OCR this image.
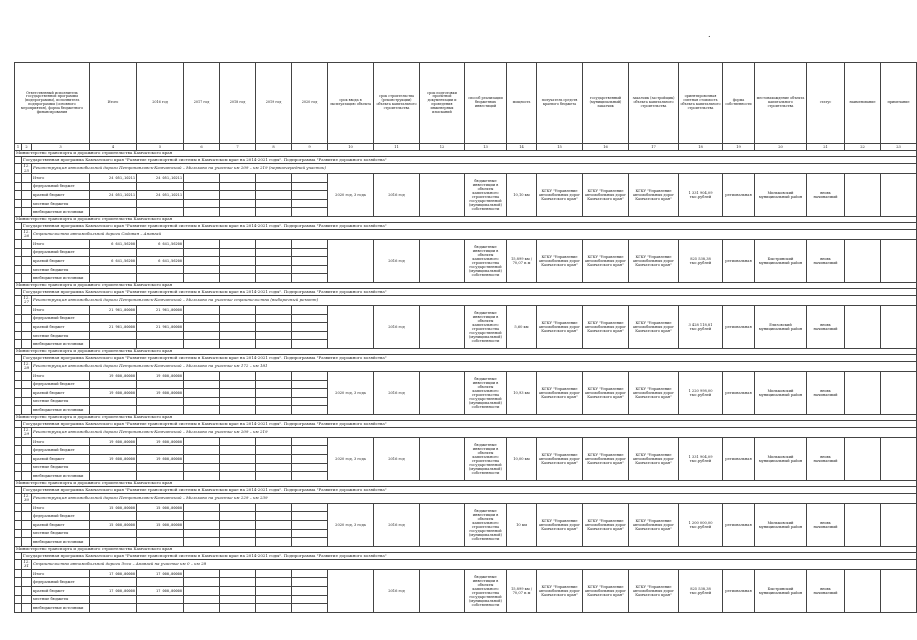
.
Ответственный исполнитель государственной программы (подпрограммы), исполнитель подпрограммы (основного мероприятия), форма бюджетного финансирования			Итого	2016 год	2017 год	2018 год	2019 год	2020 год	срок ввода в эксплуатацию объекта	срок строительства (реконструкции) объекта капитального строительства	срок подготовки проектной документации и проведения инженерных изысканий	способ реализации бюджетных инвестиций	мощность	получатель средств краевого бюджета	государственный (муниципальный) заказчик	заказчик (застройщик) объекта капитального строительства	ориентировочная сметная стоимость объекта капитального строительства	форма собственности	местонахождение объекта капитального строительства	статус	наименование	примечание
1	2	3	4	5	6	7	8	9	10	11	12	13	14	15	16	17	18	19	20	21	22	23
Министерство транспорта и дорожного строительства Камчатского края																						
	Государственная программа Камчатского края "Развитие транспортной системы в Камчатском крае на 2014-2021 годы". Подпрограмма "Развитие дорожного хозяйства"																					
	12.25	Реконструкция автомобильной дороги Петропавловск-Камчатский – Мильково на участке км 209 – км 219 (первоочередной участок)																				
		Итого	24 051,10211	24 051,10211					2020 год, 3 года	2016 год		бюджетные инвестиции в объекты капитального строительства государственной (муниципальной) собственности	10,10 км	КГКУ "Управление автомобильных дорог Камчатского края"	КГКУ "Управление автомобильных дорог Камчатского края"	КГКУ "Управление автомобильных дорог Камчатского края"	1 331 904,09 тыс.рублей	региональная	Мильковский муниципальный район	вновь начинаемый		
		федеральный бюджет																				
		краевой бюджет	24 051,10211	24 051,10211																		
		местные бюджеты																				
		внебюджетные источники																				
Министерство транспорта и дорожного строительства Камчатского края																						
	Государственная программа Камчатского края "Развитие транспортной системы в Камчатском крае на 2014-2021 годы". Подпрограмма "Развитие дорожного хозяйства"																					
	12.26	Строительство автомобильной дороги Садовая – Анавгай																				
		Итого	6 641,56200	6 641,56200						2016 год		бюджетные инвестиции в объекты капитального строительства государственной (муниципальной) собственности	15,899 км / 70,07 п.м	КГКУ "Управление автомобильных дорог Камчатского края"	КГКУ "Управление автомобильных дорог Камчатского края"	КГКУ "Управление автомобильных дорог Камчатского края"	825 538,38 тыс.рублей	региональная	Быстринский муниципальный район	вновь начинаемый		
		федеральный бюджет																				
		краевой бюджет	6 641,56200	6 641,56200																		
		местные бюджеты																				
		внебюджетные источники																				
Министерство транспорта и дорожного строительства Камчатского края																						
	Государственная программа Камчатского края "Развитие транспортной системы в Камчатском крае на 2014-2021 годы". Подпрограмма "Развитие дорожного хозяйства"																					
	12.27	Реконструкция автомобильной дороги Петропавловск-Камчатский – Мильково на участке строительства (выборочный ремонт)																				
		Итого	21 961,00000	21 961,00000						2016 год		бюджетные инвестиции в объекты капитального строительства государственной (муниципальной) собственности	5,60 км	КГКУ "Управление автомобильных дорог Камчатского края"	КГКУ "Управление автомобильных дорог Камчатского края"	КГКУ "Управление автомобильных дорог Камчатского края"	3 428 118,81 тыс.рублей	региональная	Елизовский муниципальный район	вновь начинаемый		
		федеральный бюджет																				
		краевой бюджет	21 961,00000	21 961,00000																		
		местные бюджеты																				
		внебюджетные источники																				
Министерство транспорта и дорожного строительства Камчатского края																						
	Государственная программа Камчатского края "Развитие транспортной системы в Камчатском крае на 2014-2021 годы". Подпрограмма "Развитие дорожного хозяйства"																					
	12.28	Реконструкция автомобильной дороги Петропавловск-Камчатский – Мильково на участке км 172 – км 181																				
		Итого	19 600,00000	19 600,00000					2020 год, 3 года	2016 год		бюджетные инвестиции в объекты капитального строительства государственной (муниципальной) собственности	10,93 км	КГКУ "Управление автомобильных дорог Камчатского края"	КГКУ "Управление автомобильных дорог Камчатского края"	КГКУ "Управление автомобильных дорог Камчатского края"	1 220 998,00 тыс.рублей	региональная	Мильковский муниципальный район	вновь начинаемый		
		федеральный бюджет																				
		краевой бюджет	19 600,00000	19 600,00000																		
		местные бюджеты																				
		внебюджетные источники																				
Министерство транспорта и дорожного строительства Камчатского края																						
	Государственная программа Камчатского края "Развитие транспортной системы в Камчатском крае на 2014-2021 годы". Подпрограмма "Развитие дорожного хозяйства"																					
	12.29	Реконструкция автомобильной дороги Петропавловск-Камчатский – Мильково на участке км 209 – км 219																				
		Итого	19 600,00000	19 600,00000					2020 год, 3 года	2016 год		бюджетные инвестиции в объекты капитального строительства государственной (муниципальной) собственности	10,00 км	КГКУ "Управление автомобильных дорог Камчатского края"	КГКУ "Управление автомобильных дорог Камчатского края"	КГКУ "Управление автомобильных дорог Камчатского края"	1 331 904,09 тыс.рублей	региональная	Мильковский муниципальный район	вновь начинаемый		
		федеральный бюджет																				
		краевой бюджет	19 600,00000	19 600,00000																		
		местные бюджеты																				
		внебюджетные источники																				
Министерство транспорта и дорожного строительства Камчатского края																						
	Государственная программа Камчатского края "Развитие транспортной системы в Камчатском крае на 2014-2021 годы". Подпрограмма "Развитие дорожного хозяйства"																					
	12.30	Реконструкция автомобильной дороги Петропавловск-Камчатский – Мильково на участке км 229 – км 239																				
		Итого	15 000,00000	15 000,00000					2020 год, 3 года	2016 год		бюджетные инвестиции в объекты капитального строительства государственной (муниципальной) собственности	10 км	КГКУ "Управление автомобильных дорог Камчатского края"	КГКУ "Управление автомобильных дорог Камчатского края"	КГКУ "Управление автомобильных дорог Камчатского края"	1 200 000,00 тыс.рублей	региональная	Мильковский муниципальный район	вновь начинаемый		
		федеральный бюджет																				
		краевой бюджет	15 000,00000	15 000,00000																		
		местные бюджеты																				
		внебюджетные источники																				
Министерство транспорта и дорожного строительства Камчатского края																						
	Государственная программа Камчатского края "Развитие транспортной системы в Камчатском крае на 2014-2021 годы". Подпрограмма "Развитие дорожного хозяйства"																					
	12.31	Строительство автомобильной дороги Эссо – Анавгай на участке км 0 – км 28																				
		Итого	17 000,00000	17 000,00000						2016 год		бюджетные инвестиции в объекты капитального строительства государственной (муниципальной) собственности	15,899 км / 70,07 п.м	КГКУ "Управление автомобильных дорог Камчатского края"	КГКУ "Управление автомобильных дорог Камчатского края"	КГКУ "Управление автомобильных дорог Камчатского края"	825 538,38 тыс.рублей	региональная	Быстринский муниципальный район	вновь начинаемый		
		федеральный бюджет																				
		краевой бюджет	17 000,00000	17 000,00000																		
		местные бюджеты																				
		внебюджетные источники																				
